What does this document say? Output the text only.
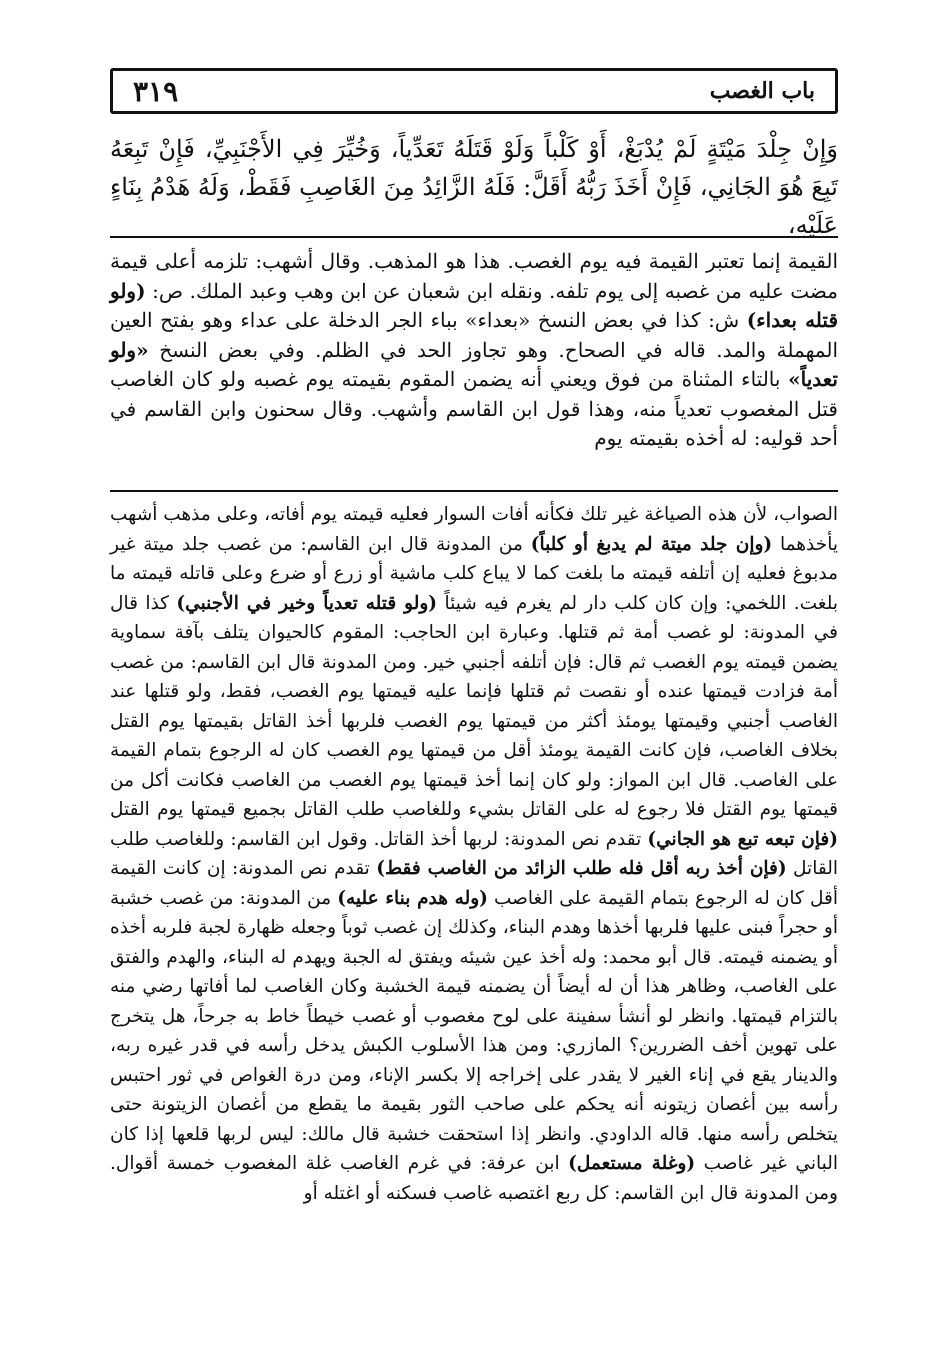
باب الغصب
٣١٩

وَإِنْ جِلْدَ مَيْتَةٍ لَمْ يُدْبَغْ، أَوْ كَلْباً وَلَوْ قَتَلَهُ تَعَدِّياً، وَخُيِّرَ فِي الأَجْنَبِيِّ، فَإِنْ تَبِعَهُ تَبِعَ هُوَ الجَانِي، فَإِنْ أَخَذَ رَبُّهُ أَقَلَّ: فَلَهُ الزَّائِدُ مِنَ الغَاصِبِ فَقَطْ، وَلَهُ هَدْمُ بِنَاءٍ عَلَيْهِ،

القيمة إنما تعتبر القيمة فيه يوم الغصب. هذا هو المذهب. وقال أشهب: تلزمه أعلى قيمة مضت عليه من غصبه إلى يوم تلفه. ونقله ابن شعبان عن ابن وهب وعبد الملك. ص: (ولو قتله بعداء) ش: كذا في بعض النسخ «بعداء» بباء الجر الدخلة على عداء وهو بفتح العين المهملة والمد. قاله في الصحاح. وهو تجاوز الحد في الظلم. وفي بعض النسخ «ولو تعدياً» بالتاء المثناة من فوق ويعني أنه يضمن المقوم بقيمته يوم غصبه ولو كان الغاصب قتل المغصوب تعدياً منه، وهذا قول ابن القاسم وأشهب. وقال سحنون وابن القاسم في أحد قوليه: له أخذه بقيمته يوم

الصواب، لأن هذه الصياغة غير تلك فكأنه أفات السوار فعليه قيمته يوم أفاته، وعلى مذهب أشهب يأخذهما (وإن جلد ميتة لم يدبغ أو كلباً) من المدونة قال ابن القاسم: من غصب جلد ميتة غير مدبوغ فعليه إن أتلفه قيمته ما بلغت كما لا يباع كلب ماشية أو زرع أو ضرع وعلى قاتله قيمته ما بلغت. اللخمي: وإن كان كلب دار لم يغرم فيه شيئاً (ولو قتله تعدياً وخير في الأجنبي) كذا قال في المدونة: لو غصب أمة ثم قتلها. وعبارة ابن الحاجب: المقوم كالحيوان يتلف بآفة سماوية يضمن قيمته يوم الغصب ثم قال: فإن أتلفه أجنبي خير. ومن المدونة قال ابن القاسم: من غصب أمة فزادت قيمتها عنده أو نقصت ثم قتلها فإنما عليه قيمتها يوم الغصب، فقط، ولو قتلها عند الغاصب أجنبي وقيمتها يومئذ أكثر من قيمتها يوم الغصب فلربها أخذ القاتل بقيمتها يوم القتل بخلاف الغاصب، فإن كانت القيمة يومئذ أقل من قيمتها يوم الغصب كان له الرجوع بتمام القيمة على الغاصب. قال ابن المواز: ولو كان إنما أخذ قيمتها يوم الغصب من الغاصب فكانت أكل من قيمتها يوم القتل فلا رجوع له على القاتل بشيء وللغاصب طلب القاتل بجميع قيمتها يوم القتل (فإن تبعه تبع هو الجاني) تقدم نص المدونة: لربها أخذ القاتل. وقول ابن القاسم: وللغاصب طلب القاتل (فإن أخذ ربه أقل فله طلب الزائد من الغاصب فقط) تقدم نص المدونة: إن كانت القيمة أقل كان له الرجوع بتمام القيمة على الغاصب (وله هدم بناء عليه) من المدونة: من غصب خشبة أو حجراً فبنى عليها فلربها أخذها وهدم البناء، وكذلك إن غصب ثوباً وجعله ظهارة لجبة فلربه أخذه أو يضمنه قيمته. قال أبو محمد: وله أخذ عين شيئه ويفتق له الجبة ويهدم له البناء، والهدم والفتق على الغاصب، وظاهر هذا أن له أيضاً أن يضمنه قيمة الخشبة وكان الغاصب لما أفاتها رضي منه بالتزام قيمتها. وانظر لو أنشأ سفينة على لوح مغصوب أو غصب خيطاً خاط به جرحاً، هل يتخرج على تهوين أخف الضررين؟ المازري: ومن هذا الأسلوب الكبش يدخل رأسه في قدر غيره ربه، والدينار يقع في إناء الغير لا يقدر على إخراجه إلا بكسر الإناء، ومن درة الغواص في ثور احتبس رأسه بين أغصان زيتونه أنه يحكم على صاحب الثور بقيمة ما يقطع من أغصان الزيتونة حتى يتخلص رأسه منها. قاله الداودي. وانظر إذا استحقت خشبة قال مالك: ليس لربها قلعها إذا كان الباني غير غاصب (وغلة مستعمل) ابن عرفة: في غرم الغاصب غلة المغصوب خمسة أقوال. ومن المدونة قال ابن القاسم: كل ربع اغتصبه غاصب فسكنه أو اغتله أو
